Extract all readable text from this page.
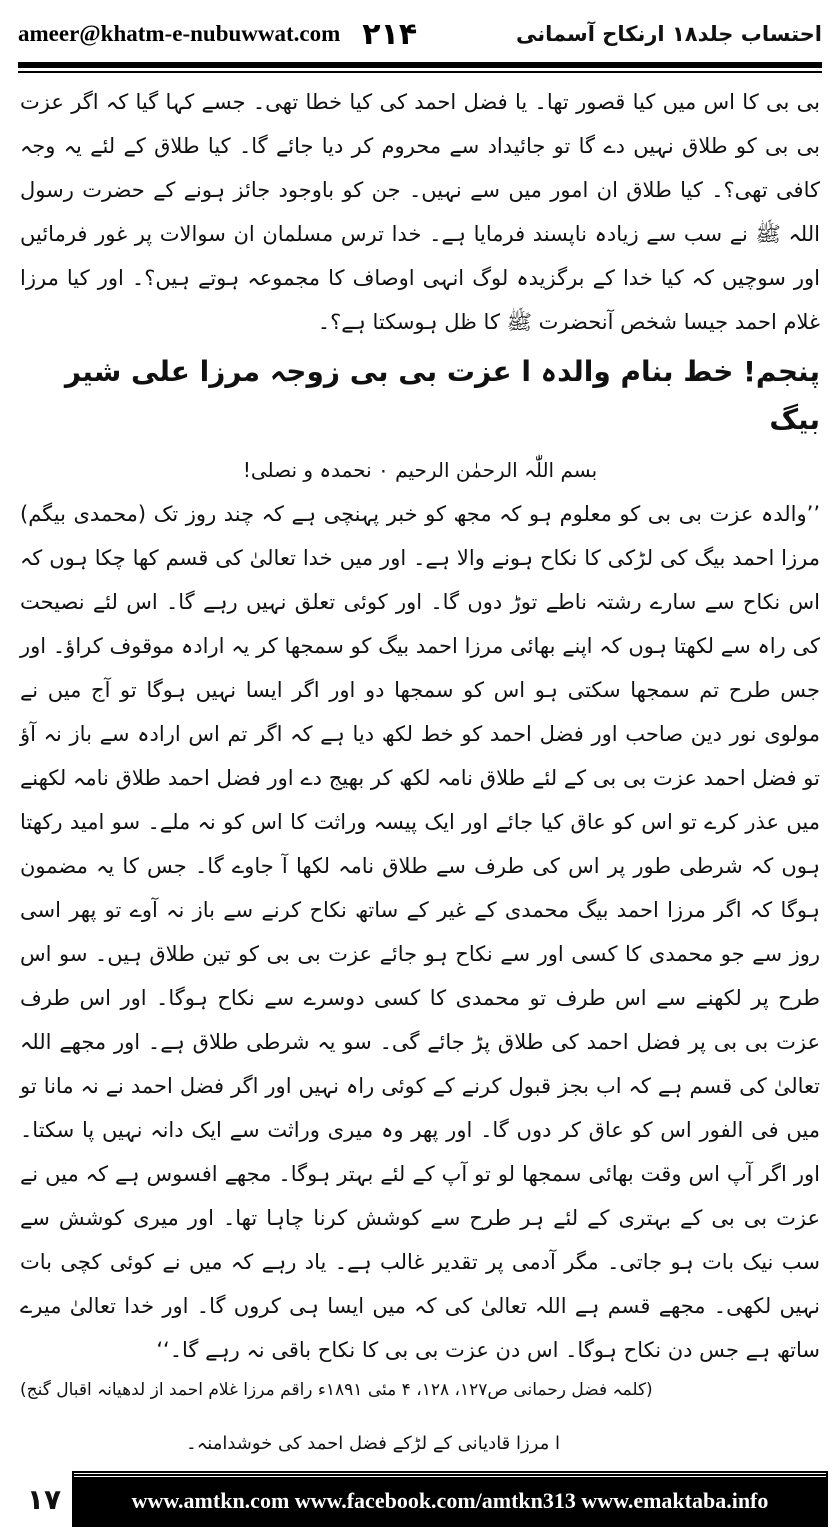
ameer@khatm-e-nubuwwat.com ۲۱۴	احتساب جلد۱۸ ارنکاح آسمانی

بی بی کا اس میں کیا قصور تھا۔ یا فضل احمد کی کیا خطا تھی۔ جسے کہا گیا کہ اگر عزت بی بی کو طلاق نہیں دے گا تو جائیداد سے محروم کر دیا جائے گا۔ کیا طلاق کے لئے یہ وجہ کافی تھی؟۔ کیا طلاق ان امور میں سے نہیں۔ جن کو باوجود جائز ہونے کے حضرت رسول اللہ ﷺ نے سب سے زیادہ ناپسند فرمایا ہے۔ خدا ترس مسلمان ان سوالات پر غور فرمائیں اور سوچیں کہ کیا خدا کے برگزیدہ لوگ انہی اوصاف کا مجموعہ ہوتے ہیں؟۔ اور کیا مرزا غلام احمد جیسا شخص آنحضرت ﷺ کا ظل ہوسکتا ہے؟۔

پنجم! خط بنام والدہ ا عزت بی بی زوجہ مرزا علی شیر بیگ
بسم اللّٰہ الرحمٰن الرحیم ۰ نحمدہ و نصلی!

’’والدہ عزت بی بی کو معلوم ہو کہ مجھ کو خبر پہنچی ہے کہ چند روز تک (محمدی بیگم) مرزا احمد بیگ کی لڑکی کا نکاح ہونے والا ہے۔ اور میں خدا تعالیٰ کی قسم کھا چکا ہوں کہ اس نکاح سے سارے رشتہ ناطے توڑ دوں گا۔ اور کوئی تعلق نہیں رہے گا۔ اس لئے نصیحت کی راہ سے لکھتا ہوں کہ اپنے بھائی مرزا احمد بیگ کو سمجھا کر یہ ارادہ موقوف کراؤ۔ اور جس طرح تم سمجھا سکتی ہو اس کو سمجھا دو اور اگر ایسا نہیں ہوگا تو آج میں نے مولوی نور دین صاحب اور فضل احمد کو خط لکھ دیا ہے کہ اگر تم اس ارادہ سے باز نہ آؤ تو فضل احمد عزت بی بی کے لئے طلاق نامہ لکھ کر بھیج دے اور فضل احمد طلاق نامہ لکھنے میں عذر کرے تو اس کو عاق کیا جائے اور ایک پیسہ وراثت کا اس کو نہ ملے۔ سو امید رکھتا ہوں کہ شرطی طور پر اس کی طرف سے طلاق نامہ لکھا آ جاوے گا۔ جس کا یہ مضمون ہوگا کہ اگر مرزا احمد بیگ محمدی کے غیر کے ساتھ نکاح کرنے سے باز نہ آوے تو پھر اسی روز سے جو محمدی کا کسی اور سے نکاح ہو جائے عزت بی بی کو تین طلاق ہیں۔ سو اس طرح پر لکھنے سے اس طرف تو محمدی کا کسی دوسرے سے نکاح ہوگا۔ اور اس طرف عزت بی بی پر فضل احمد کی طلاق پڑ جائے گی۔ سو یہ شرطی طلاق ہے۔ اور مجھے اللہ تعالیٰ کی قسم ہے کہ اب بجز قبول کرنے کے کوئی راہ نہیں اور اگر فضل احمد نے نہ مانا تو میں فی الفور اس کو عاق کر دوں گا۔ اور پھر وہ میری وراثت سے ایک دانہ نہیں پا سکتا۔ اور اگر آپ اس وقت بھائی سمجھا لو تو آپ کے لئے بہتر ہوگا۔ مجھے افسوس ہے کہ میں نے عزت بی بی کے بہتری کے لئے ہر طرح سے کوشش کرنا چاہا تھا۔ اور میری کوشش سے سب نیک بات ہو جاتی۔ مگر آدمی پر تقدیر غالب ہے۔ یاد رہے کہ میں نے کوئی کچی بات نہیں لکھی۔ مجھے قسم ہے اللہ تعالیٰ کی کہ میں ایسا ہی کروں گا۔ اور خدا تعالیٰ میرے ساتھ ہے جس دن نکاح ہوگا۔ اس دن عزت بی بی کا نکاح باقی نہ رہے گا۔‘‘

(کلمہ فضل رحمانی ص۱۲۷، ۱۲۸، ۴ مئی ۱۸۹۱ء راقم مرزا غلام احمد از لدھیانہ اقبال گنج)

ا مرزا قادیانی کے لڑکے فضل احمد کی خوشدامنہ۔
۱۷	www.amtkn.com www.facebook.com/amtkn313 www.emaktaba.info
